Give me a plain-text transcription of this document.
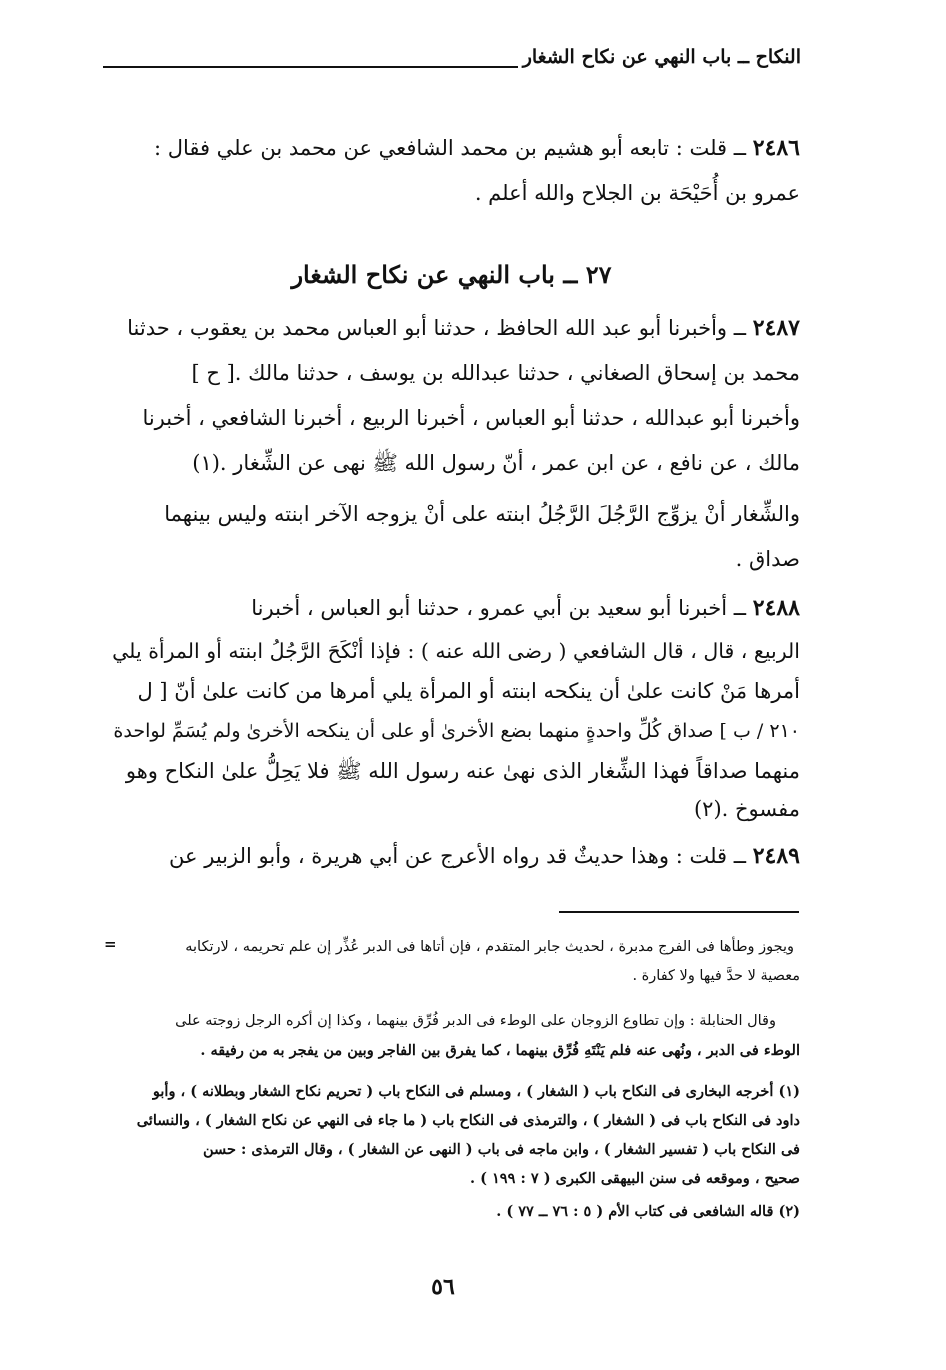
النكاح ــ باب النهي عن نكاح الشغار
٢٤٨٦ ــ قلت : تابعه أبو هشيم بن محمد الشافعي عن محمد بن علي فقال :
عمرو بن أُحَيْحَة بن الجلاح والله أعلم .
٢٧ ــ باب النهي عن نكاح الشغار
٢٤٨٧ ــ وأخبرنا أبو عبد الله الحافظ ، حدثنا أبو العباس محمد بن يعقوب ، حدثنا
محمد بن إسحاق الصغاني ، حدثنا عبدالله بن يوسف ، حدثنا مالك .[ ح ]
وأخبرنا أبو عبدالله ، حدثنا أبو العباس ، أخبرنا الربيع ، أخبرنا الشافعي ، أخبرنا
مالك ، عن نافع ، عن ابن عمر ، أنّ رسول الله ﷺ نهى عن الشِّغار .(١)
والشِّغار أنْ يزوِّج الرَّجُلَ الرَّجُلُ ابنته على أنْ يزوجه الآخر ابنته وليس بينهما
صداق .
٢٤٨٨ ــ أخبرنا أبو سعيد بن أبي عمرو ، حدثنا أبو العباس ، أخبرنا
الربيع ، قال ، قال الشافعي ( رضى الله عنه ) : فإذا أنْكَحَ الرَّجُلُ ابنته أو المرأة يلي
أمرها مَنْ كانت علىٰ أن ينكحه ابنته أو المرأة يلي أمرها من كانت علىٰ أنّ [ ل
٢١٠ / ب ] صداق كُلِّ واحدةٍ منهما بضع الأخرىٰ أو على أن ينكحه الأخرىٰ ولم يُسَمِّ لواحدة
منهما صداقاً فهذا الشِّغار الذى نهىٰ عنه رسول الله ﷺ فلا يَحِلُّ علىٰ النكاح وهو
مفسوخ .(٢)
٢٤٨٩ ــ قلت : وهذا حديثٌ قد رواه الأعرج عن أبي هريرة ، وأبو الزبير عن
=	ويجوز وطأها فى الفرج مدبرة ، لحديث جابر المتقدم ، فإن أتاها فى الدبر عُذِّر إن علم تحريمه ، لارتكابه
معصية لا حدَّ فيها ولا كفارة .
وقال الحنابلة : وإن تطاوع الزوجان على الوطء فى الدبر فُرِّق بينهما ، وكذا إن أكره الرجل زوجته على
الوطء فى الدبر ، ونُهى عنه فلم يَنْتَهِ فُرِّق بينهما ، كما يفرق بين الفاجر وبين من يفجر به من رفيقه .
(١) أخرجه البخارى فى النكاح باب ( الشغار ) ، ومسلم فى النكاح باب ( تحريم نكاح الشغار وبطلانه ) ، وأبو
داود فى النكاح باب فى ( الشغار ) ، والترمذى فى النكاح باب ( ما جاء فى النهي عن نكاح الشغار ) ، والنسائى
فى النكاح باب ( تفسير الشغار ) ، وابن ماجه فى باب ( النهى عن الشغار ) ، وقال الترمذى : حسن
صحيح ، وموقعه فى سنن البيهقى الكبرى ( ٧ : ١٩٩ ) .
(٢) قاله الشافعى فى كتاب الأم ( ٥ : ٧٦ ــ ٧٧ ) .
٥٦
